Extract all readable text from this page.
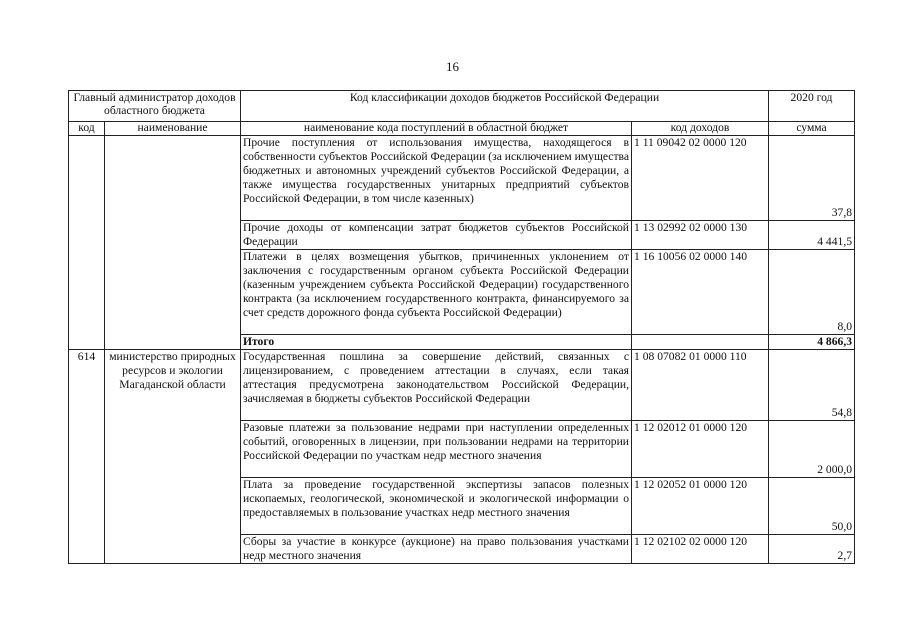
16
Главный администратор доходов областного бюджета		Код классификации доходов бюджетов Российской Федерации		2020 год
код	наименование	наименование кода поступлений в областной бюджет	код доходов	сумма
		Прочие поступления от использования имущества, находящегося в собственности субъектов Российской Федерации (за исключением имущества бюджетных и автономных учреждений субъектов Российской Федерации, а также имущества государственных унитарных предприятий субъектов Российской Федерации, в том числе казенных)	1 11 09042 02 0000 120	37,8
		Прочие доходы от компенсации затрат бюджетов субъектов Российской Федерации	1 13 02992 02 0000 130	4 441,5
		Платежи в целях возмещения убытков, причиненных уклонением от заключения с государственным органом субъекта Российской Федерации (казенным учреждением субъекта Российской Федерации) государственного контракта (за исключением государственного контракта, финансируемого за счет средств дорожного фонда субъекта Российской Федерации)	1 16 10056 02 0000 140	8,0
		Итого		4 866,3
614	министерство природных ресурсов и экологии Магаданской области	Государственная пошлина за совершение действий, связанных с лицензированием, с проведением аттестации в случаях, если такая аттестация предусмотрена законодательством Российской Федерации, зачисляемая в бюджеты субъектов Российской Федерации	1 08 07082 01 0000 110	54,8
		Разовые платежи за пользование недрами при наступлении определенных событий, оговоренных в лицензии, при пользовании недрами на территории Российской Федерации по участкам недр местного значения	1 12 02012 01 0000 120	2 000,0
		Плата за проведение государственной экспертизы запасов полезных ископаемых, геологической, экономической и экологической информации о предоставляемых в пользование участках недр местного значения	1 12 02052 01 0000 120	50,0
		Сборы за участие в конкурсе (аукционе) на право пользования участками недр местного значения	1 12 02102 02 0000 120	2,7
